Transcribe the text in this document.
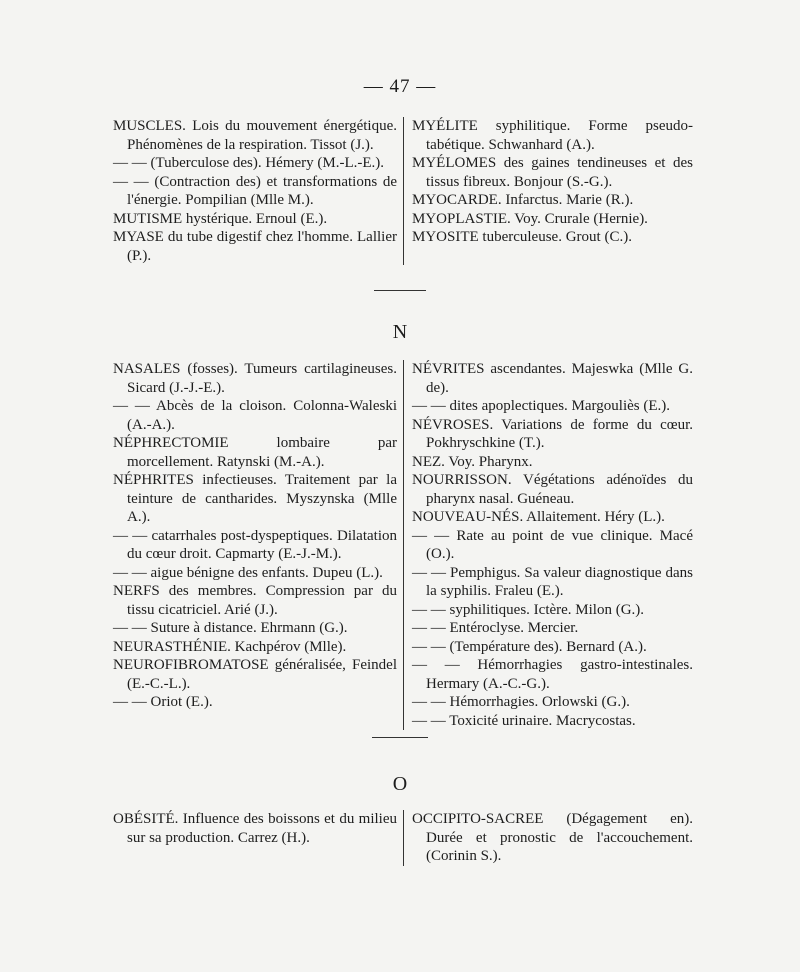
— 47 —
MUSCLES. Lois du mouvement énergétique. Phénomènes de la respiration. Tissot (J.).
— — (Tuberculose des). Hémery (M.-L.-E.).
— — (Contraction des) et transformations de l'énergie. Pompilian (Mlle M.).
MUTISME hystérique. Ernoul (E.).
MYASE du tube digestif chez l'homme. Lallier (P.).
MYÉLITE syphilitique. Forme pseudo-tabétique. Schwanhard (A.).
MYÉLOMES des gaines tendineuses et des tissus fibreux. Bonjour (S.-G.).
MYOCARDE. Infarctus. Marie (R.).
MYOPLASTIE. Voy. Crurale (Hernie).
MYOSITE tuberculeuse. Grout (C.).
N
NASALES (fosses). Tumeurs cartilagineuses. Sicard (J.-J.-E.).
— — Abcès de la cloison. Colonna-Waleski (A.-A.).
NÉPHRECTOMIE lombaire par morcellement. Ratynski (M.-A.).
NÉPHRITES infectieuses. Traitement par la teinture de cantharides. Myszynska (Mlle A.).
— — catarrhales post-dyspeptiques. Dilatation du cœur droit. Capmarty (E.-J.-M.).
— — aigue bénigne des enfants. Dupeu (L.).
NERFS des membres. Compression par du tissu cicatriciel. Arié (J.).
— — Suture à distance. Ehrmann (G.).
NEURASTHÉNIE. Kachpérov (Mlle).
NEUROFIBROMATOSE généralisée, Feindel (E.-C.-L.).
— — Oriot (E.).
NÉVRITES ascendantes. Majeswka (Mlle G. de).
— — dites apoplectiques. Margouliès (E.).
NÉVROSES. Variations de forme du cœur. Pokhryschkine (T.).
NEZ. Voy. Pharynx.
NOURRISSON. Végétations adénoïdes du pharynx nasal. Guéneau.
NOUVEAU-NÉS. Allaitement. Héry (L.).
— — Rate au point de vue clinique. Macé (O.).
— — Pemphigus. Sa valeur diagnostique dans la syphilis. Fraleu (E.).
— — syphilitiques. Ictère. Milon (G.).
— — Entéroclyse. Mercier.
— — (Température des). Bernard (A.).
— — Hémorrhagies gastro-intestinales. Hermary (A.-C.-G.).
— — Hémorrhagies. Orlowski (G.).
— — Toxicité urinaire. Macrycostas.
O
OBÉSITÉ. Influence des boissons et du milieu sur sa production. Carrez (H.).
OCCIPITO-SACREE (Dégagement en). Durée et pronostic de l'accouchement. (Corinin S.).
